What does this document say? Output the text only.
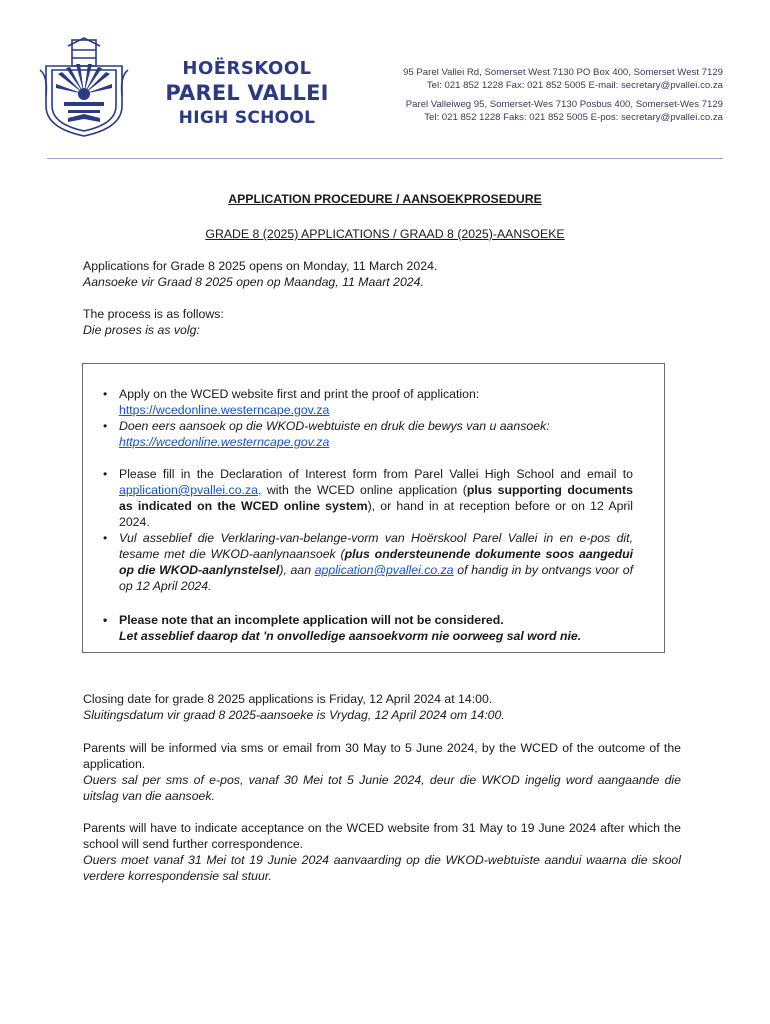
HOËRSKOOL
PAREL VALLEI
HIGH SCHOOL
95 Parel Vallei Rd, Somerset West 7130 PO Box 400, Somerset West 7129
Tel: 021 852 1228 Fax: 021 852 5005 E-mail: secretary@pvallei.co.za
Parel Valleiweg 95, Somerset-Wes 7130 Posbus 400, Somerset-Wes 7129
Tel: 021 852 1228 Faks: 021 852 5005 E-pos: secretary@pvallei.co.za
APPLICATION PROCEDURE / AANSOEKPROSEDURE
GRADE 8 (2025) APPLICATIONS / GRAAD 8 (2025)-AANSOEKE
Applications for Grade 8 2025 opens on Monday, 11 March 2024.
Aansoeke vir Graad 8 2025 open op Maandag, 11 Maart 2024.
The process is as follows:
Die proses is as volg:
• Apply on the WCED website first and print the proof of application:
https://wcedonline.westerncape.gov.za
• Doen eers aansoek op die WKOD-webtuiste en druk die bewys van u aansoek:
https://wcedonline.westerncape.gov.za
• Please fill in the Declaration of Interest form from Parel Vallei High School and email to application@pvallei.co.za, with the WCED online application (plus supporting documents as indicated on the WCED online system), or hand in at reception before or on 12 April 2024.
• Vul asseblief die Verklaring-van-belange-vorm van Hoërskool Parel Vallei in en e-pos dit, tesame met die WKOD-aanlynaansoek (plus ondersteunende dokumente soos aangedui op die WKOD-aanlynstelsel), aan application@pvallei.co.za of handig in by ontvangs voor of op 12 April 2024.
• Please note that an incomplete application will not be considered.
Let asseblief daarop dat 'n onvolledige aansoekvorm nie oorweeg sal word nie.
Closing date for grade 8 2025 applications is Friday, 12 April 2024 at 14:00.
Sluitingsdatum vir graad 8 2025-aansoeke is Vrydag, 12 April 2024 om 14:00.
Parents will be informed via sms or email from 30 May to 5 June 2024, by the WCED of the outcome of the application.
Ouers sal per sms of e-pos, vanaf 30 Mei tot 5 Junie 2024, deur die WKOD ingelig word aangaande die uitslag van die aansoek.
Parents will have to indicate acceptance on the WCED website from 31 May to 19 June 2024 after which the school will send further correspondence.
Ouers moet vanaf 31 Mei tot 19 Junie 2024 aanvaarding op die WKOD-webtuiste aandui waarna die skool verdere korrespondensie sal stuur.
